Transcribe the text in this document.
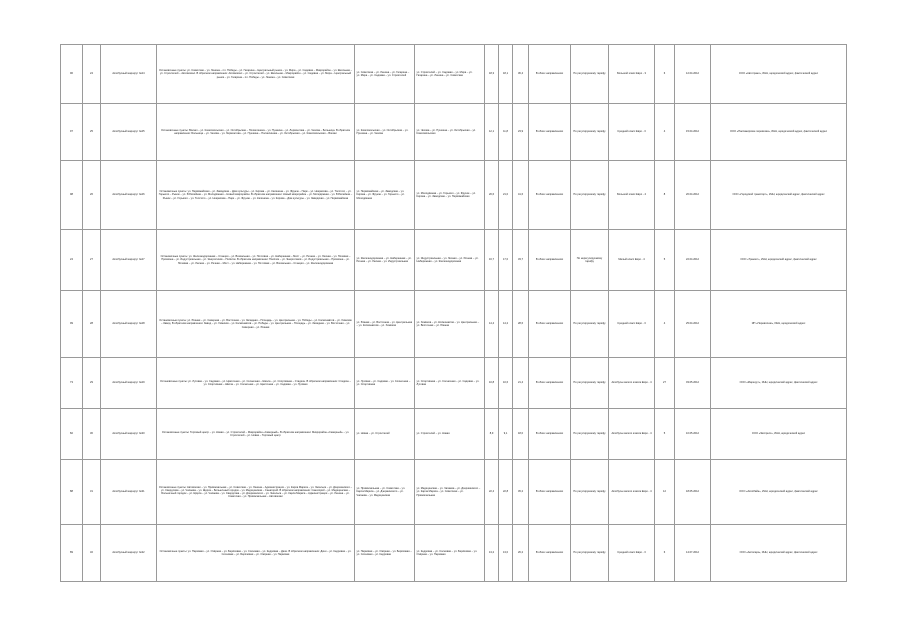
96	24	Автобусный маршрут №24	Остановочные пункты: ул. Советская – ул. Ленина – пл. Победы – ул. Гагарина – Центральный рынок – ул. Мира – ул. Садовая – Микрорайон – ул. Школьная – ул. Строителей – Автовокзал. В обратном направлении: Автовокзал – ул. Строителей – ул. Школьная – Микрорайон – ул. Садовая – ул. Мира – Центральный рынок – ул. Гагарина – пл. Победы – ул. Ленина – ул. Советская	ул. Советская – ул. Ленина – ул. Гагарина – ул. Мира – ул. Садовая – ул. Строителей	ул. Строителей – ул. Садовая – ул. Мира – ул. Гагарина – ул. Ленина – ул. Советская	18,3	18,1	36,4	В обоих направлениях	По регулируемому тарифу	Большой класс Евро - 3	6	12.04.2012	ООО «Автотранс», ИНН, юридический адрес, фактический адрес
97	25	Автобусный маршрут №25	Остановочные пункты: Вокзал – ул. Комсомольская – ул. Октябрьская – Поликлиника – ул. Пушкина – ул. Лермонтова – ул. Чехова – Больница. В обратном направлении: Больница – ул. Чехова – ул. Лермонтова – ул. Пушкина – Поликлиника – ул. Октябрьская – ул. Комсомольская – Вокзал	ул. Комсомольская – ул. Октябрьская – ул. Пушкина – ул. Чехова	ул. Чехова – ул. Пушкина – ул. Октябрьская – ул. Комсомольская	12,1	11,8	23,9	В обоих направлениях	По регулируемому тарифу	Средний класс Евро - 3	4	15.04.2012	ООО «Пассажирские перевозки», ИНН, юридический адрес, фактический адрес
98	26	Автобусный маршрут №26	Остановочные пункты: ул. Первомайская – ул. Заводская – Дом культуры – ул. Кирова – ул. Калинина – ул. Фрунзе – Парк – ул. Некрасова – ул. Толстого – ул. Горького – Рынок – ул. Юбилейная – ул. Молодёжная – Новый микрорайон. В обратном направлении: Новый микрорайон – ул. Молодёжная – ул. Юбилейная – Рынок – ул. Горького – ул. Толстого – ул. Некрасова – Парк – ул. Фрунзе – ул. Калинина – ул. Кирова – Дом культуры – ул. Заводская – ул. Первомайская	ул. Первомайская – ул. Заводская – ул. Кирова – ул. Фрунзе – ул. Горького – ул. Молодёжная	ул. Молодёжная – ул. Горького – ул. Фрунзе – ул. Кирова – ул. Заводская – ул. Первомайская	20,6	21,0	41,6	В обоих направлениях	По регулируемому тарифу	Большой класс Евро - 4	8	20.04.2012	ООО «Городской транспорт», ИНН, юридический адрес, фактический адрес
24	27	Автобусный маршрут №27	Остановочные пункты: ул. Железнодорожная – Станция – ул. Вокзальная – ул. Почтовая – ул. Набережная – Мост – ул. Речная – ул. Лесная – ул. Полевая – Промзона – ул. Индустриальная – ул. Энергетиков – Посёлок. В обратном направлении: Посёлок – ул. Энергетиков – ул. Индустриальная – Промзона – ул. Полевая – ул. Лесная – ул. Речная – Мост – ул. Набережная – ул. Почтовая – ул. Вокзальная – Станция – ул. Железнодорожная	ул. Железнодорожная – ул. Набережная – ул. Речная – ул. Лесная – ул. Индустриальная	ул. Индустриальная – ул. Лесная – ул. Речная – ул. Набережная – ул. Железнодорожная	16,7	17,0	33,7	В обоих направлениях	По нерегулируемому тарифу	Малый класс Евро - 4	5	22.04.2012	ООО «Транзит», ИНН, юридический адрес, фактический адрес
99	28	Автобусный маршрут №28	Остановочные пункты: ул. Южная – ул. Северная – ул. Восточная – ул. Западная – Площадь – ул. Центральная – ул. Победы – ул. Космонавтов – ул. Химиков – Завод. В обратном направлении: Завод – ул. Химиков – ул. Космонавтов – ул. Победы – ул. Центральная – Площадь – ул. Западная – ул. Восточная – ул. Северная – ул. Южная	ул. Южная – ул. Восточная – ул. Центральная – ул. Космонавтов – ул. Химиков	ул. Химиков – ул. Космонавтов – ул. Центральная – ул. Восточная – ул. Южная	14,4	14,2	28,6	В обоих направлениях	По регулируемому тарифу	Средний класс Евро - 3	4	25.04.2012	ИП «Перевозчик», ИНН, юридический адрес
73	29	Автобусный маршрут №29	Остановочные пункты: ул. Луговая – ул. Садовая – ул. Цветочная – ул. Солнечная – Школа – ул. Спортивная – Стадион. В обратном направлении: Стадион – ул. Спортивная – Школа – ул. Солнечная – ул. Цветочная – ул. Садовая – ул. Луговая	ул. Луговая – ул. Садовая – ул. Солнечная – ул. Спортивная	ул. Спортивная – ул. Солнечная – ул. Садовая – ул. Луговая	10,8	10,6	21,4	В обоих направлениях	По регулируемому тарифу	Автобусы малого класса Евро - 4	27	03.05.2012	ООО «Маршрут», ИНН, юридический адрес, фактический адрес
82	30	Автобусный маршрут №30	Остановочные пункты: Торговый центр – ул. Новая – ул. Строителей – Микрорайон «Северный». В обратном направлении: Микрорайон «Северный» – ул. Строителей – ул. Новая – Торговый центр	ул. Новая – ул. Строителей	ул. Строителей – ул. Новая	8,9	9,1	18,0	В обоих направлениях	По регулируемому тарифу	Автобусы малого класса Евро - 4	5	10.05.2012	ООО «Экспресс», ИНН, юридический адрес
88	31	Автобусный маршрут №31	Остановочные пункты: Автовокзал – ул. Привокзальная – ул. Советская – ул. Ленина – Администрация – ул. Карла Маркса – ул. Энгельса – ул. Дзержинского – ул. Свердлова – ул. Чапаева – ул. Щорса – Больничный городок – ул. Медицинская – Санаторий. В обратном направлении: Санаторий – ул. Медицинская – Больничный городок – ул. Щорса – ул. Чапаева – ул. Свердлова – ул. Дзержинского – ул. Энгельса – ул. Карла Маркса – Администрация – ул. Ленина – ул. Советская – ул. Привокзальная – Автовокзал	ул. Привокзальная – ул. Советская – ул. Карла Маркса – ул. Дзержинского – ул. Чапаева – ул. Медицинская	ул. Медицинская – ул. Чапаева – ул. Дзержинского – ул. Карла Маркса – ул. Советская – ул. Привокзальная	22,4	22,8	45,2	В обоих направлениях	По регулируемому тарифу	Автобусы малого класса Евро - 4	12	18.05.2012	ООО «АвтоЛайн», ИНН, юридический адрес, фактический адрес
89	32	Автобусный маршрут №32	Остановочные пункты: ул. Парковая – ул. Озёрная – ул. Берёзовая – ул. Сосновая – ул. Кедровая – Дачи. В обратном направлении: Дачи – ул. Кедровая – ул. Сосновая – ул. Берёзовая – ул. Озёрная – ул. Парковая	ул. Парковая – ул. Озёрная – ул. Берёзовая – ул. Сосновая – ул. Кедровая	ул. Кедровая – ул. Сосновая – ул. Берёзовая – ул. Озёрная – ул. Парковая	13,2	13,0	26,2	В обоих направлениях	По регулируемому тарифу	Средний класс Евро - 3	6	14.07.2012	ООО «Автопарк», ИНН, юридический адрес, фактический адрес
